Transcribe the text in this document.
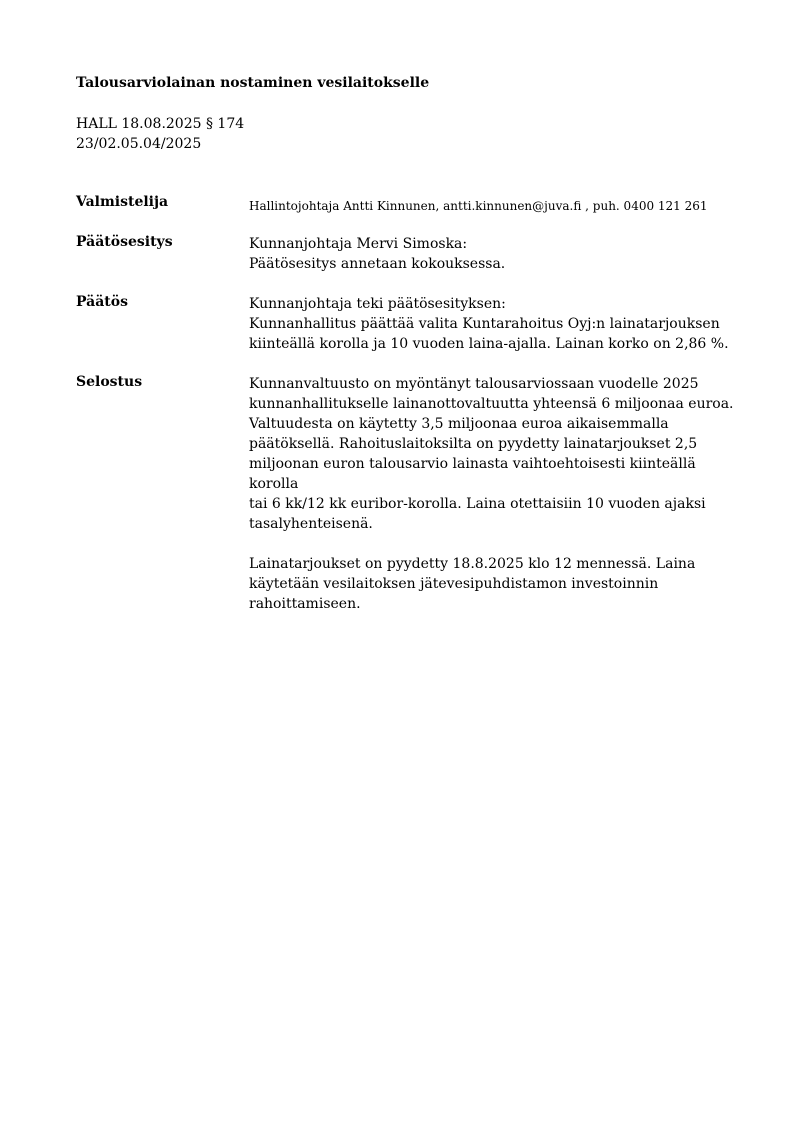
Talousarviolainan nostaminen vesilaitokselle
HALL 18.08.2025 § 174
23/02.05.04/2025
Valmistelija	Hallintojohtaja Antti Kinnunen, antti.kinnunen@juva.fi , puh. 0400 121 261
Päätösesitys	Kunnanjohtaja Mervi Simoska:

Päätösesitys annetaan kokouksessa.

Päätös	Kunnanjohtaja teki päätösesityksen:

Kunnanhallitus päättää valita Kuntarahoitus Oyj:n lainatarjouksen

kiinteällä korolla ja 10 vuoden laina-ajalla. Lainan korko on 2,86 %.

Selostus	Kunnanvaltuusto on myöntänyt talousarviossaan vuodelle 2025

kunnanhallitukselle lainanottovaltuutta yhteensä 6 miljoonaa euroa.

Valtuudesta on käytetty 3,5 miljoonaa euroa aikaisemmalla

päätöksellä. Rahoituslaitoksilta on pyydetty lainatarjoukset 2,5

miljoonan euron talousarvio lainasta vaihtoehtoisesti kiinteällä korolla

tai 6 kk/12 kk euribor-korolla. Laina otettaisiin 10 vuoden ajaksi

tasalyhenteisenä.

Lainatarjoukset on pyydetty 18.8.2025 klo 12 mennessä. Laina

käytetään vesilaitoksen jätevesipuhdistamon investoinnin

rahoittamiseen.
